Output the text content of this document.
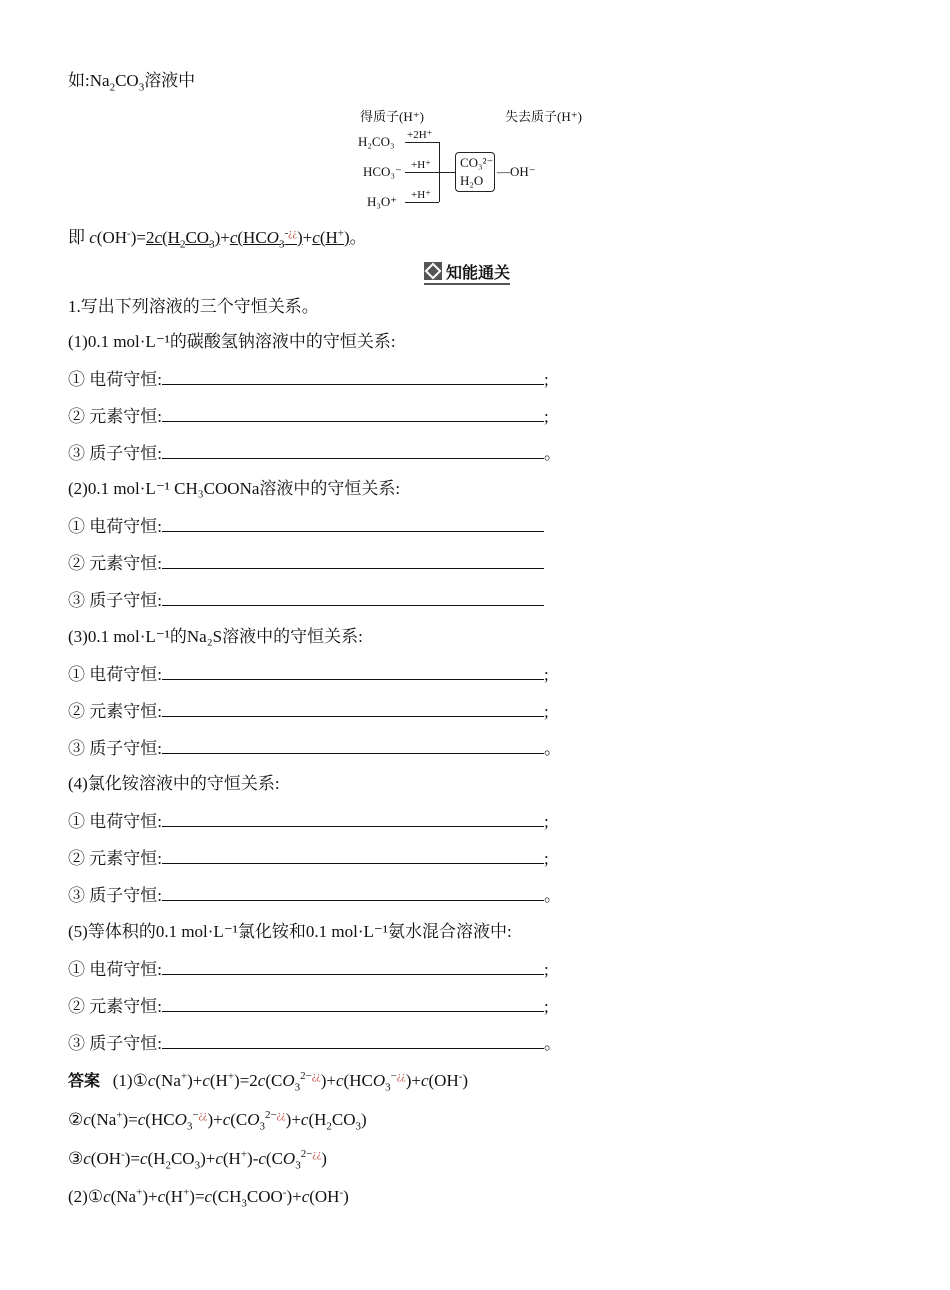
如$:Na_2CO_3$溶液中
得质子(H⁺)	失去质子(H⁺)
H₂CO₃
HCO₃⁻
H₃O⁺
+2H⁺
+H⁺
+H⁺
CO₃²⁻
H₂O
—OH⁻
即 $c(OH^-)=2c(H_2CO_3)+c(HCO_3^{-¿¿})+c(H^+)$。
知能通关
1.写出下列溶液的三个守恒关系。
(1)0.1 mol·L⁻¹的碳酸氢钠溶液中的守恒关系:
① 电荷守恒:	;
② 元素守恒:	;
③ 质子守恒:	。
(2)0.1 mol·L⁻¹ CH₃COONa溶液中的守恒关系:
① 电荷守恒:
② 元素守恒:
③ 质子守恒:
(3)0.1 mol·L⁻¹的Na₂S溶液中的守恒关系:
① 电荷守恒:	;
② 元素守恒:	;
③ 质子守恒:	。
(4)氯化铵溶液中的守恒关系:
① 电荷守恒:	;
② 元素守恒:	;
③ 质子守恒:	。
(5)等体积的0.1 mol·L⁻¹氯化铵和0.1 mol·L⁻¹氨水混合溶液中:
① 电荷守恒:	;
② 元素守恒:	;
③ 质子守恒:	。
答案 $(1)①c(Na^+)+c(H^+)=2c(CO_3^{2-¿¿})+c(HCO_3^{-¿¿})+c(OH^-)$
$②c(Na^+)=c(HCO_3^{-¿¿})+c(CO_3^{2-¿¿})+c(H_2CO_3)$
$③c(OH^-)=c(H_2CO_3)+c(H^+)-c(CO_3^{2-¿¿})$
$(2)①c(Na^+)+c(H^+)=c(CH_3COO^-)+c(OH^-)$
